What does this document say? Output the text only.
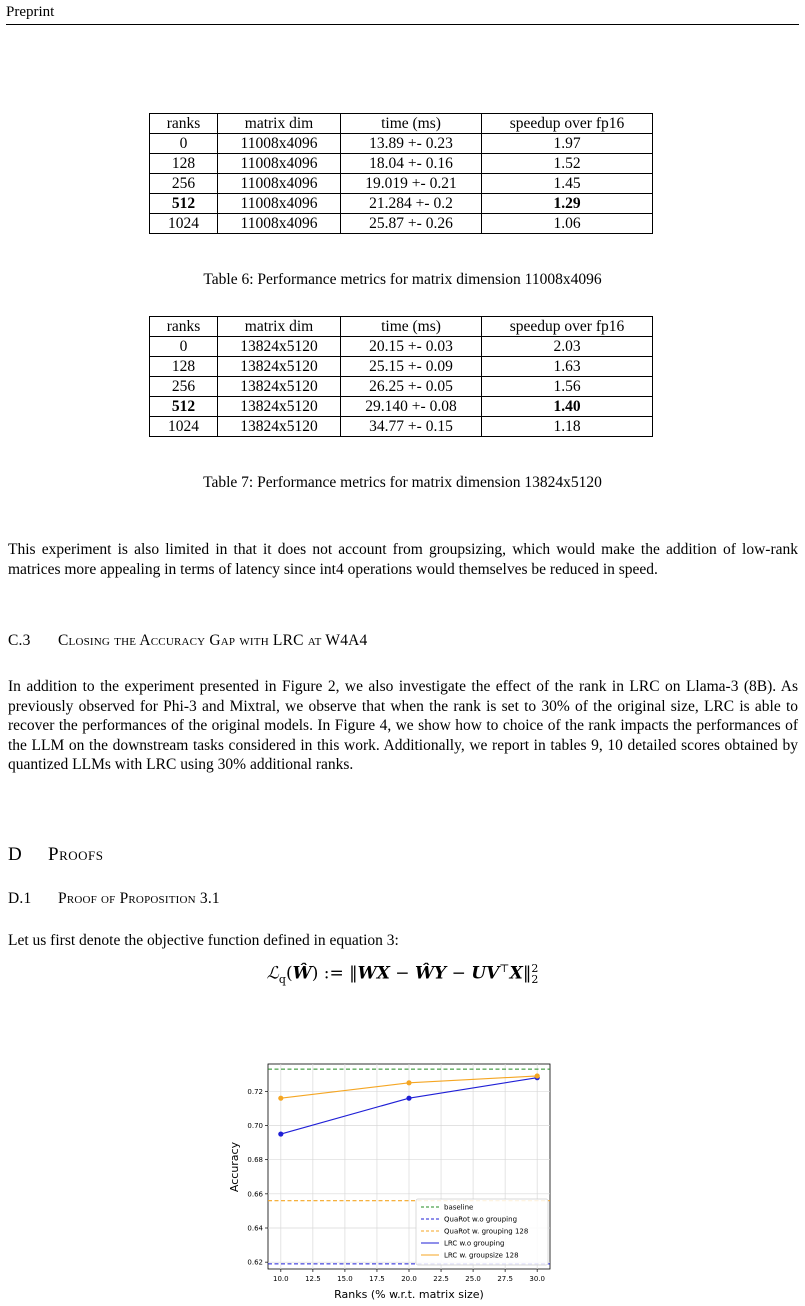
Preprint
ranks	matrix dim	time (ms)	speedup over fp16
0	11008x4096	13.89 +- 0.23	1.97
128	11008x4096	18.04 +- 0.16	1.52
256	11008x4096	19.019 +- 0.21	1.45
512	11008x4096	21.284 +- 0.2	1.29
1024	11008x4096	25.87 +- 0.26	1.06
Table 6: Performance metrics for matrix dimension 11008x4096
ranks	matrix dim	time (ms)	speedup over fp16
0	13824x5120	20.15 +- 0.03	2.03
128	13824x5120	25.15 +- 0.09	1.63
256	13824x5120	26.25 +- 0.05	1.56
512	13824x5120	29.140 +- 0.08	1.40
1024	13824x5120	34.77 +- 0.15	1.18
Table 7: Performance metrics for matrix dimension 13824x5120

This experiment is also limited in that it does not account from groupsizing, which would make the addition of low-rank matrices more appealing in terms of latency since int4 operations would themselves be reduced in speed.

C.3 Closing the Accuracy Gap with LRC at W4A4

In addition to the experiment presented in Figure 2, we also investigate the effect of the rank in LRC on Llama-3 (8B). As previously observed for Phi-3 and Mixtral, we observe that when the rank is set to 30% of the original size, LRC is able to recover the performances of the original models. In Figure 4, we show how to choice of the rank impacts the performances of the LLM on the downstream tasks considered in this work. Additionally, we report in tables 9, 10 detailed scores obtained by quantized LLMs with LRC using 30% additional ranks.

D Proofs
D.1 Proof of Proposition 3.1

Let us first denote the objective function defined in equation 3:

ℒ$_q$(Ŵ) := ‖WX − ŴY − UV⊤X‖$^2_2$
10.0 12.5 15.0 17.5 20.0 22.5 25.0 27.5 30.0
0.62
0.64
0.66
0.68
0.70
0.72
Ranks (% w.r.t. matrix size)
Accuracy
baseline
QuaRot w.o grouping
QuaRot w. grouping 128
LRC w.o grouping
LRC w. groupsize 128
